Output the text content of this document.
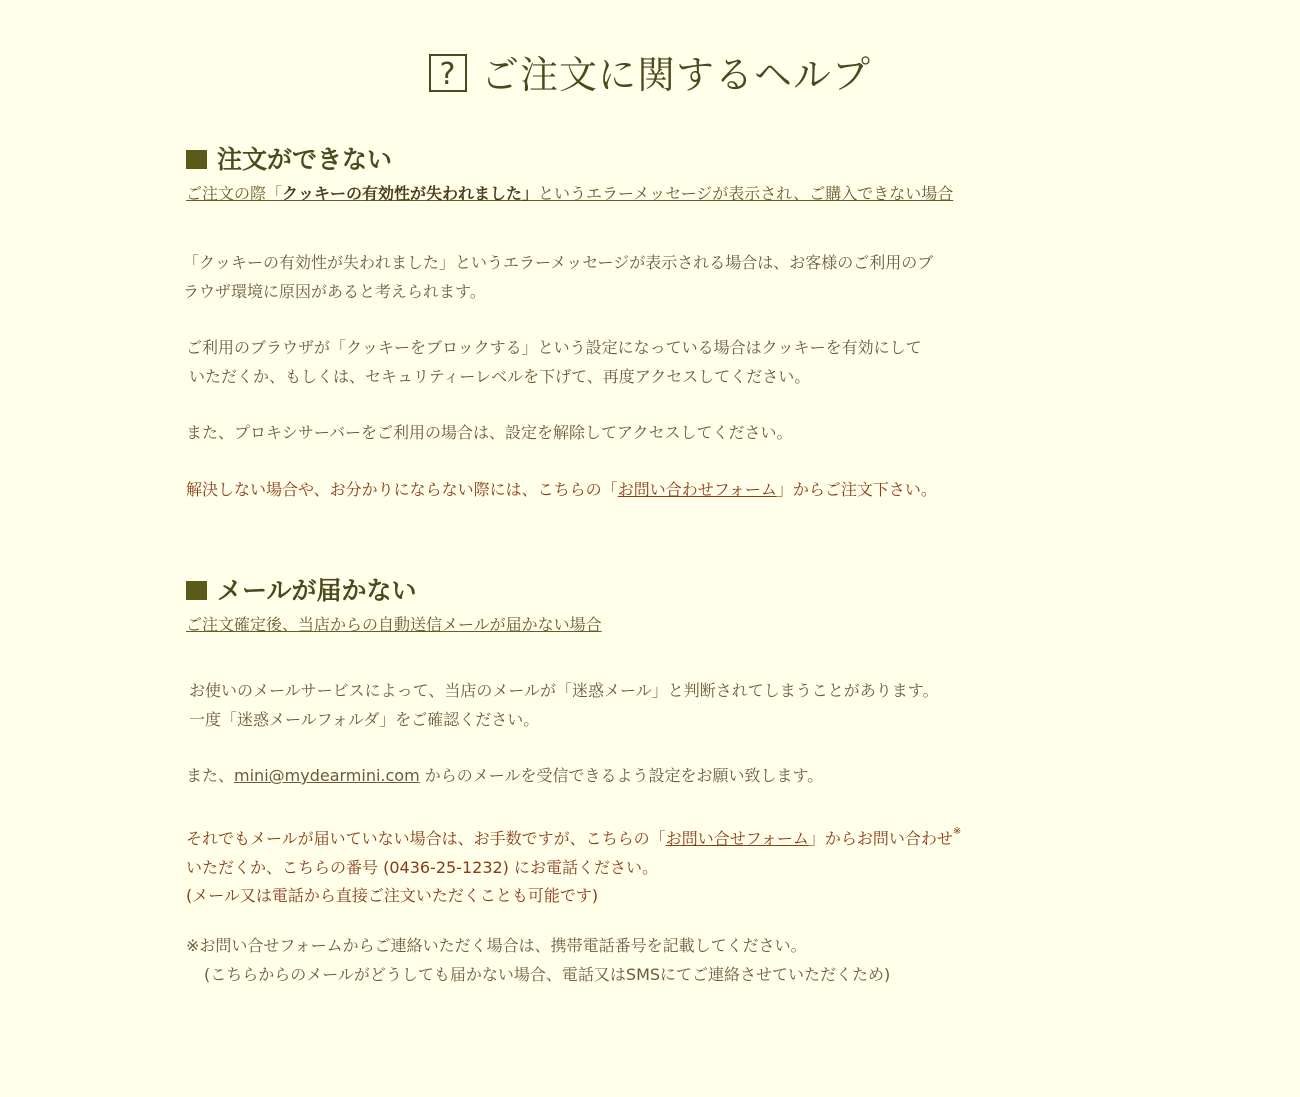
? ご注文に関するヘルプ
注文ができない
ご注文の際「クッキーの有効性が失われました」というエラーメッセージが表示され、ご購入できない場合

「クッキーの有効性が失われました」というエラーメッセージが表示される場合は、お客様のご利用のブ
ラウザ環境に原因があると考えられます。

ご利用のブラウザが「クッキーをブロックする」という設定になっている場合はクッキーを有効にして
いただくか、もしくは、セキュリティーレベルを下げて、再度アクセスしてください。

また、プロキシサーバーをご利用の場合は、設定を解除してアクセスしてください。

解決しない場合や、お分かりにならない際には、こちらの「お問い合わせフォーム」からご注文下さい。

メールが届かない
ご注文確定後、当店からの自動送信メールが届かない場合

お使いのメールサービスによって、当店のメールが「迷惑メール」と判断されてしまうことがあります。
一度「迷惑メールフォルダ」をご確認ください。

また、mini@mydearmini.com からのメールを受信できるよう設定をお願い致します。

それでもメールが届いていない場合は、お手数ですが、こちらの「お問い合せフォーム」からお問い合わせ※
いただくか、こちらの番号 (0436-25-1232) にお電話ください。
(メール又は電話から直接ご注文いただくことも可能です)

※お問い合せフォームからご連絡いただく場合は、携帯電話番号を記載してください。
(こちらからのメールがどうしても届かない場合、電話又はSMSにてご連絡させていただくため)
